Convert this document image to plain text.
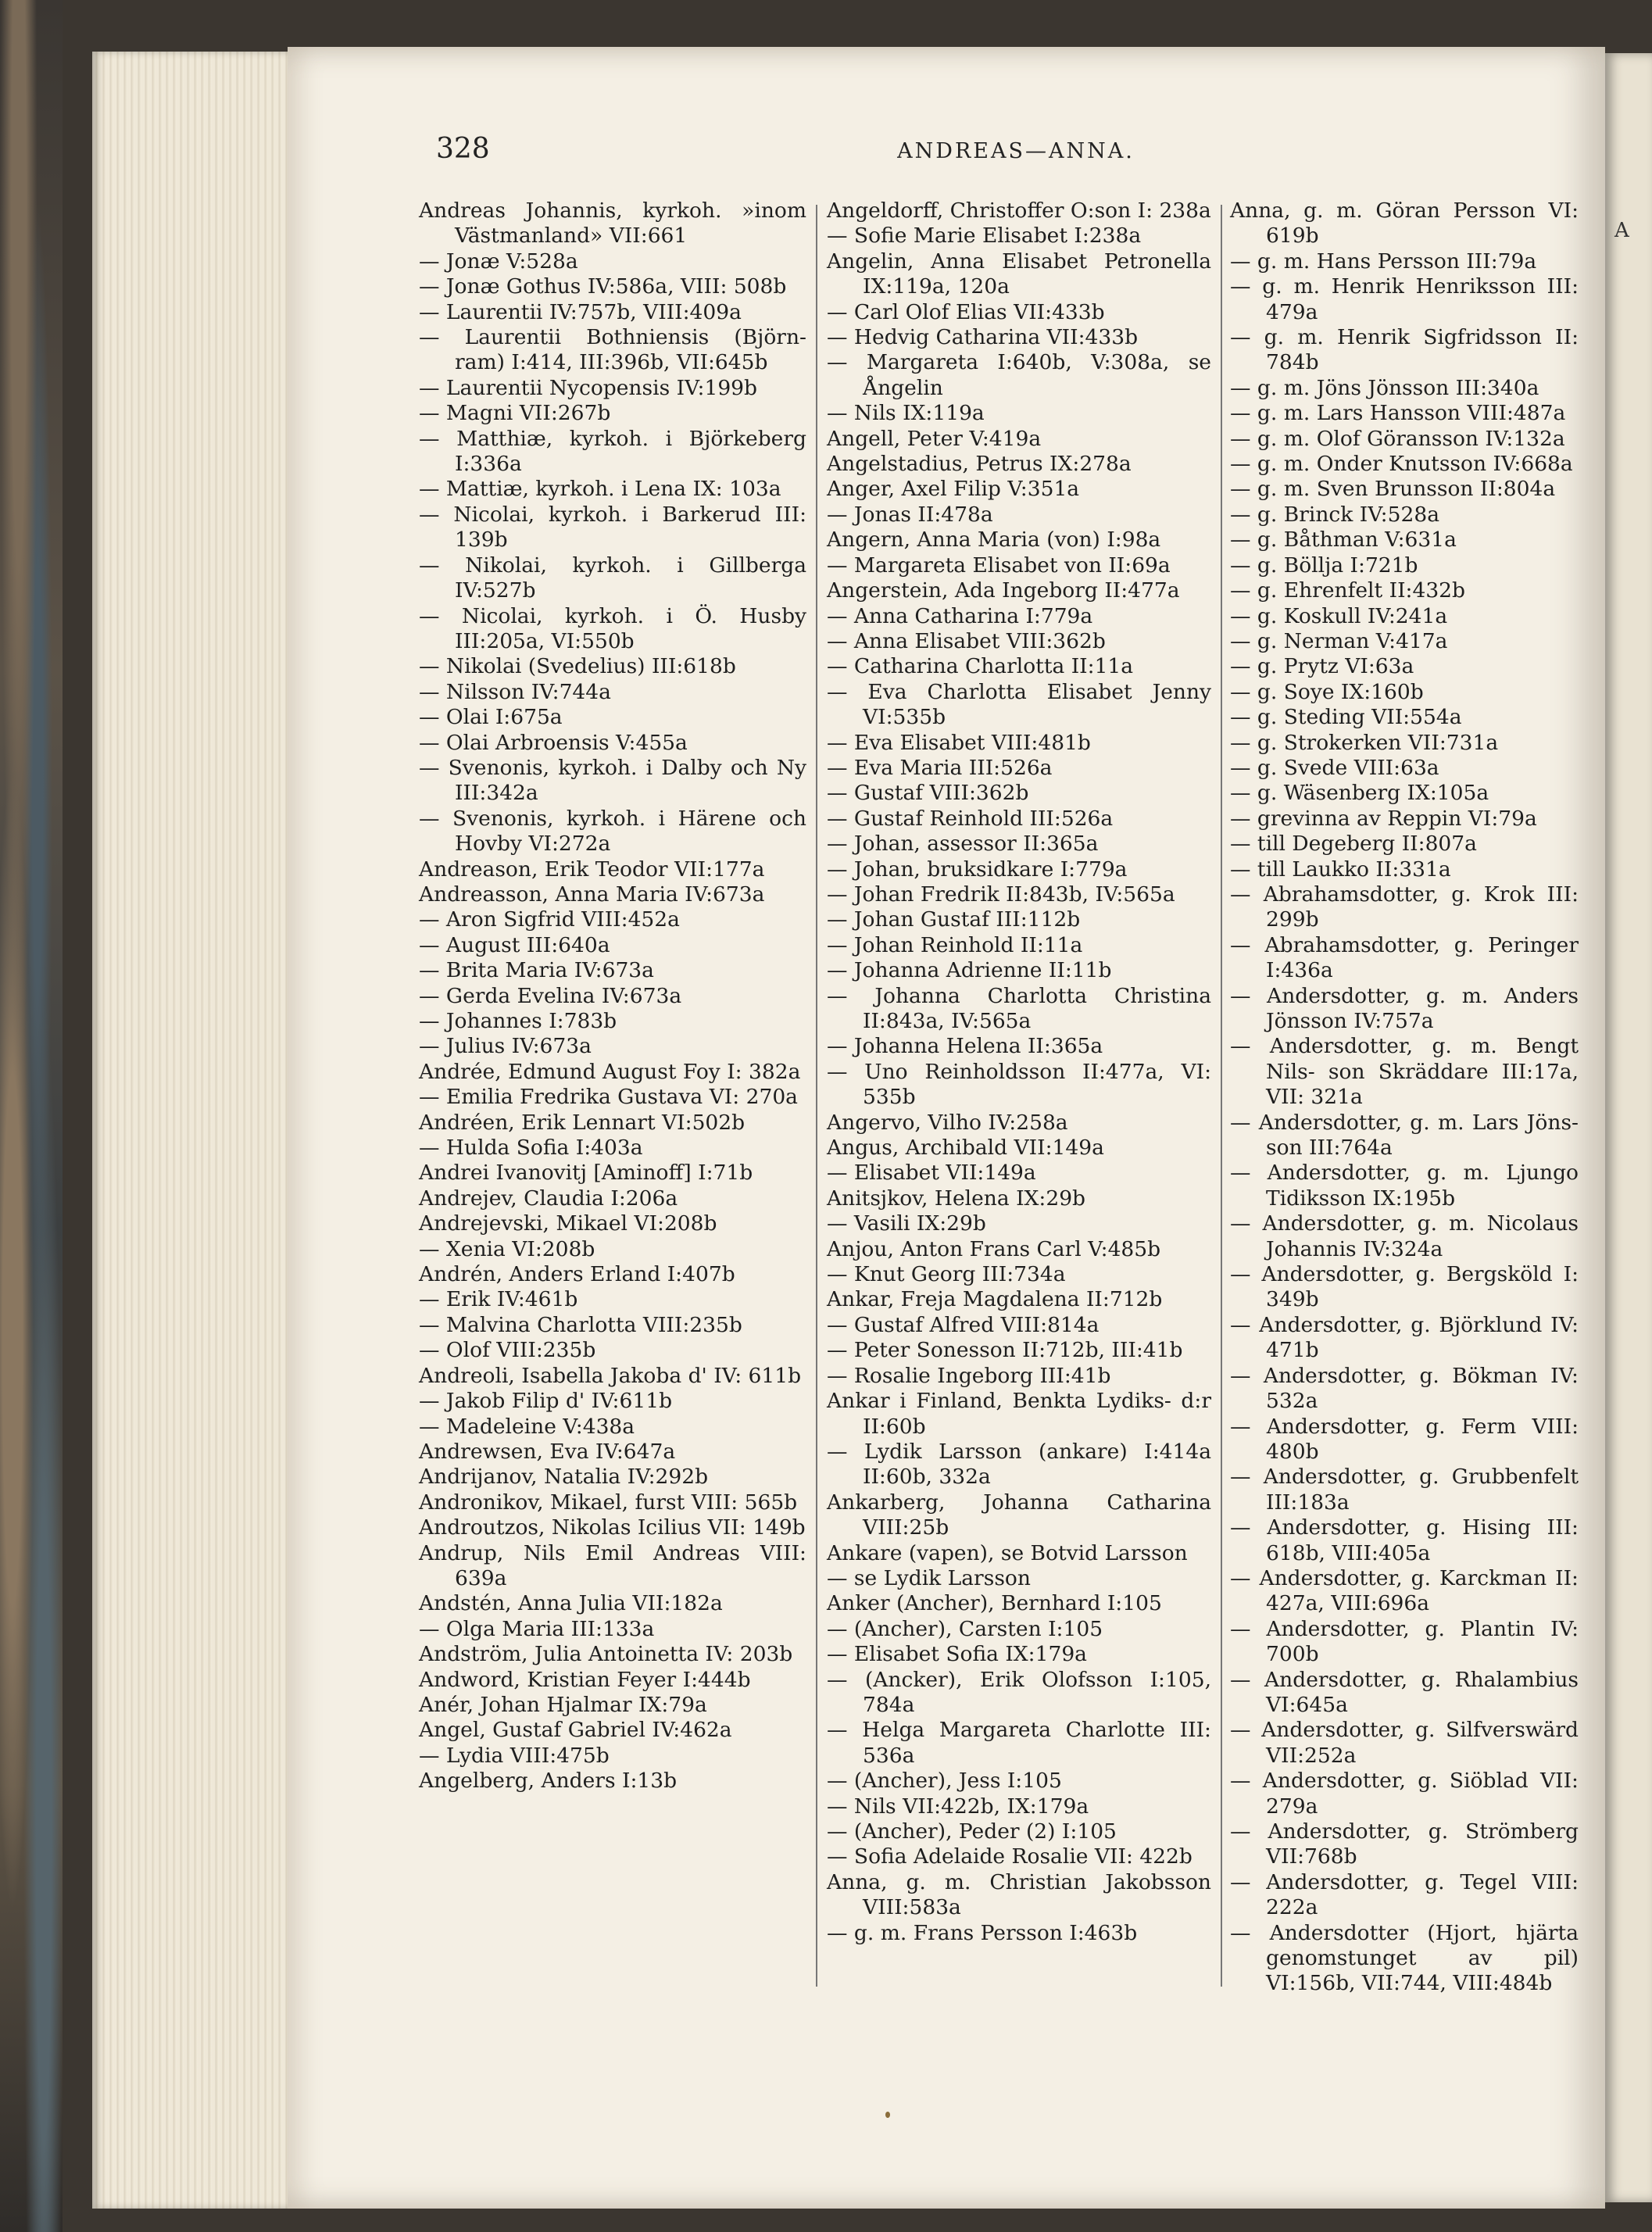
A
328	ANDREAS—ANNA.
Andreas Johannis, kyrkoh. »inom Västmanland» VII:661
— Jonæ V:528a
— Jonæ Gothus IV:586a, VIII: 508b
— Laurentii IV:757b, VIII:409a
— Laurentii Bothniensis (Björn- ram) I:414, III:396b, VII:645b
— Laurentii Nycopensis IV:199b
— Magni VII:267b
— Matthiæ, kyrkoh. i Björkeberg I:336a
— Mattiæ, kyrkoh. i Lena IX: 103a
— Nicolai, kyrkoh. i Barkerud III: 139b
— Nikolai, kyrkoh. i Gillberga IV:527b
— Nicolai, kyrkoh. i Ö. Husby III:205a, VI:550b
— Nikolai (Svedelius) III:618b
— Nilsson IV:744a
— Olai I:675a
— Olai Arbroensis V:455a
— Svenonis, kyrkoh. i Dalby och Ny III:342a
— Svenonis, kyrkoh. i Härene och Hovby VI:272a
Andreason, Erik Teodor VII:177a
Andreasson, Anna Maria IV:673a
— Aron Sigfrid VIII:452a
— August III:640a
— Brita Maria IV:673a
— Gerda Evelina IV:673a
— Johannes I:783b
— Julius IV:673a
Andrée, Edmund August Foy I: 382a
— Emilia Fredrika Gustava VI: 270a
Andréen, Erik Lennart VI:502b
— Hulda Sofia I:403a
Andrei Ivanovitj [Aminoff] I:71b
Andrejev, Claudia I:206a
Andrejevski, Mikael VI:208b
— Xenia VI:208b
Andrén, Anders Erland I:407b
— Erik IV:461b
— Malvina Charlotta VIII:235b
— Olof VIII:235b
Andreoli, Isabella Jakoba d' IV: 611b
— Jakob Filip d' IV:611b
— Madeleine V:438a
Andrewsen, Eva IV:647a
Andrijanov, Natalia IV:292b
Andronikov, Mikael, furst VIII: 565b
Androutzos, Nikolas Icilius VII: 149b
Andrup, Nils Emil Andreas VIII: 639a
Andstén, Anna Julia VII:182a
— Olga Maria III:133a
Andström, Julia Antoinetta IV: 203b
Andword, Kristian Feyer I:444b
Anér, Johan Hjalmar IX:79a
Angel, Gustaf Gabriel IV:462a
— Lydia VIII:475b
Angelberg, Anders I:13b
Angeldorff, Christoffer O:son I: 238a
— Sofie Marie Elisabet I:238a
Angelin, Anna Elisabet Petronella IX:119a, 120a
— Carl Olof Elias VII:433b
— Hedvig Catharina VII:433b
— Margareta I:640b, V:308a, se Ångelin
— Nils IX:119a
Angell, Peter V:419a
Angelstadius, Petrus IX:278a
Anger, Axel Filip V:351a
— Jonas II:478a
Angern, Anna Maria (von) I:98a
— Margareta Elisabet von II:69a
Angerstein, Ada Ingeborg II:477a
— Anna Catharina I:779a
— Anna Elisabet VIII:362b
— Catharina Charlotta II:11a
— Eva Charlotta Elisabet Jenny VI:535b
— Eva Elisabet VIII:481b
— Eva Maria III:526a
— Gustaf VIII:362b
— Gustaf Reinhold III:526a
— Johan, assessor II:365a
— Johan, bruksidkare I:779a
— Johan Fredrik II:843b, IV:565a
— Johan Gustaf III:112b
— Johan Reinhold II:11a
— Johanna Adrienne II:11b
— Johanna Charlotta Christina II:843a, IV:565a
— Johanna Helena II:365a
— Uno Reinholdsson II:477a, VI: 535b
Angervo, Vilho IV:258a
Angus, Archibald VII:149a
— Elisabet VII:149a
Anitsjkov, Helena IX:29b
— Vasili IX:29b
Anjou, Anton Frans Carl V:485b
— Knut Georg III:734a
Ankar, Freja Magdalena II:712b
— Gustaf Alfred VIII:814a
— Peter Sonesson II:712b, III:41b
— Rosalie Ingeborg III:41b
Ankar i Finland, Benkta Lydiks- d:r II:60b
— Lydik Larsson (ankare) I:414a II:60b, 332a
Ankarberg, Johanna Catharina VIII:25b
Ankare (vapen), se Botvid Larsson
— se Lydik Larsson
Anker (Ancher), Bernhard I:105
— (Ancher), Carsten I:105
— Elisabet Sofia IX:179a
— (Ancker), Erik Olofsson I:105, 784a
— Helga Margareta Charlotte III: 536a
— (Ancher), Jess I:105
— Nils VII:422b, IX:179a
— (Ancher), Peder (2) I:105
— Sofia Adelaide Rosalie VII: 422b
Anna, g. m. Christian Jakobsson VIII:583a
— g. m. Frans Persson I:463b
Anna, g. m. Göran Persson VI: 619b
— g. m. Hans Persson III:79a
— g. m. Henrik Henriksson III: 479a
— g. m. Henrik Sigfridsson II: 784b
— g. m. Jöns Jönsson III:340a
— g. m. Lars Hansson VIII:487a
— g. m. Olof Göransson IV:132a
— g. m. Onder Knutsson IV:668a
— g. m. Sven Brunsson II:804a
— g. Brinck IV:528a
— g. Båthman V:631a
— g. Böllja I:721b
— g. Ehrenfelt II:432b
— g. Koskull IV:241a
— g. Nerman V:417a
— g. Prytz VI:63a
— g. Soye IX:160b
— g. Steding VII:554a
— g. Strokerken VII:731a
— g. Svede VIII:63a
— g. Wäsenberg IX:105a
— grevinna av Reppin VI:79a
— till Degeberg II:807a
— till Laukko II:331a
— Abrahamsdotter, g. Krok III: 299b
— Abrahamsdotter, g. Peringer I:436a
— Andersdotter, g. m. Anders Jönsson IV:757a
— Andersdotter, g. m. Bengt Nils- son Skräddare III:17a, VII: 321a
— Andersdotter, g. m. Lars Jöns- son III:764a
— Andersdotter, g. m. Ljungo Tidiksson IX:195b
— Andersdotter, g. m. Nicolaus Johannis IV:324a
— Andersdotter, g. Bergsköld I: 349b
— Andersdotter, g. Björklund IV: 471b
— Andersdotter, g. Bökman IV: 532a
— Andersdotter, g. Ferm VIII: 480b
— Andersdotter, g. Grubbenfelt III:183a
— Andersdotter, g. Hising III: 618b, VIII:405a
— Andersdotter, g. Karckman II: 427a, VIII:696a
— Andersdotter, g. Plantin IV: 700b
— Andersdotter, g. Rhalambius VI:645a
— Andersdotter, g. Silfverswärd VII:252a
— Andersdotter, g. Siöblad VII: 279a
— Andersdotter, g. Strömberg VII:768b
— Andersdotter, g. Tegel VIII: 222a
— Andersdotter (Hjort, hjärta genomstunget av pil) VI:156b, VII:744, VIII:484b
